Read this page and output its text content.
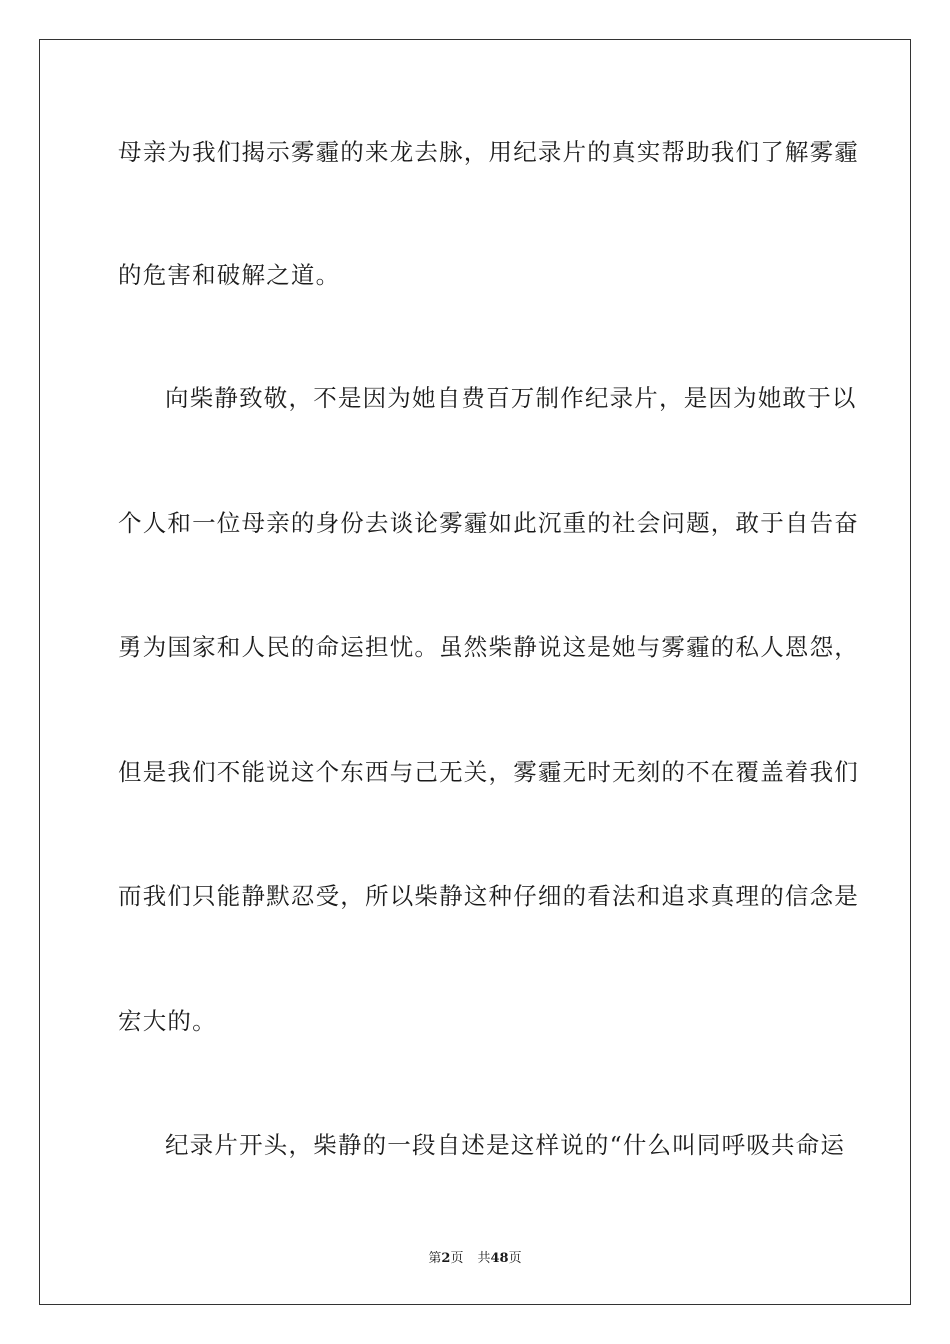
母亲为我们揭示雾霾的来龙去脉，用纪录片的真实帮助我们了解雾霾
的危害和破解之道。
向柴静致敬，不是因为她自费百万制作纪录片，是因为她敢于以
个人和一位母亲的身份去谈论雾霾如此沉重的社会问题，敢于自告奋
勇为国家和人民的命运担忧。虽然柴静说这是她与雾霾的私人恩怨，
但是我们不能说这个东西与己无关，雾霾无时无刻的不在覆盖着我们
而我们只能静默忍受，所以柴静这种仔细的看法和追求真理的信念是
宏大的。
纪录片开头，柴静的一段自述是这样说的“什么叫同呼吸共命运
第2页 共48页
